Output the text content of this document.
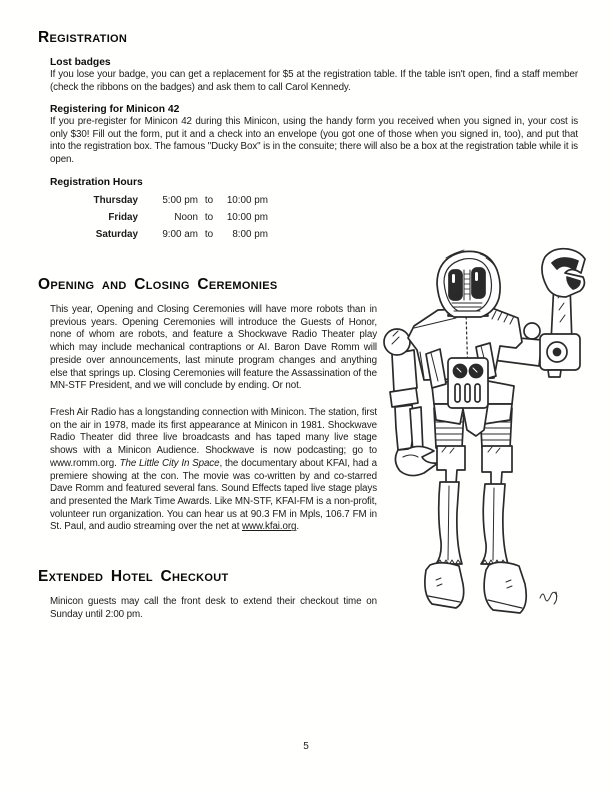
Registration

Lost badges

If you lose your badge, you can get a replacement for $5 at the registration table. If the table isn't open, find a staff member (check the ribbons on the badges) and ask them to call Carol Kennedy.

Registering for Minicon 42

If you pre-register for Minicon 42 during this Minicon, using the handy form you received when you signed in, your cost is only $30! Fill out the form, put it and a check into an envelope (you got one of those when you signed in, too), and put that into the registration box. The famous "Ducky Box" is in the consuite; there will also be a box at the registration table while it is open.

Registration Hours

Thursday	5:00 pm to	10:00 pm
Friday	Noon to	10:00 pm
Saturday	9:00 am to	8:00 pm
Opening and Closing Ceremonies

This year, Opening and Closing Ceremonies will have more robots than in previous years. Opening Ceremonies will introduce the Guests of Honor, none of whom are robots, and feature a Shockwave Radio Theater play which may include mechanical contraptions or AI. Baron Dave Romm will preside over announcements, last minute program changes and anything else that springs up. Closing Ceremonies will feature the Assassination of the MN-STF President, and we will conclude by ending. Or not.

Fresh Air Radio has a longstanding connection with Minicon. The station, first on the air in 1978, made its first appearance at Minicon in 1981. Shockwave Radio Theater did three live broadcasts and has taped many live stage shows with a Minicon Audience. Shockwave is now podcasting; go to www.romm.org. The Little City In Space, the documentary about KFAI, had a premiere showing at the con. The movie was co-written by and co-starred Dave Romm and featured several fans. Sound Effects taped live stage plays and presented the Mark Time Awards. Like MN-STF, KFAI-FM is a non-profit, volunteer run organization. You can hear us at 90.3 FM in Mpls, 106.7 FM in St. Paul, and audio streaming over the net at www.kfai.org.

Extended Hotel Checkout

Minicon guests may call the front desk to extend their checkout time on Sunday until 2:00 pm.

5
